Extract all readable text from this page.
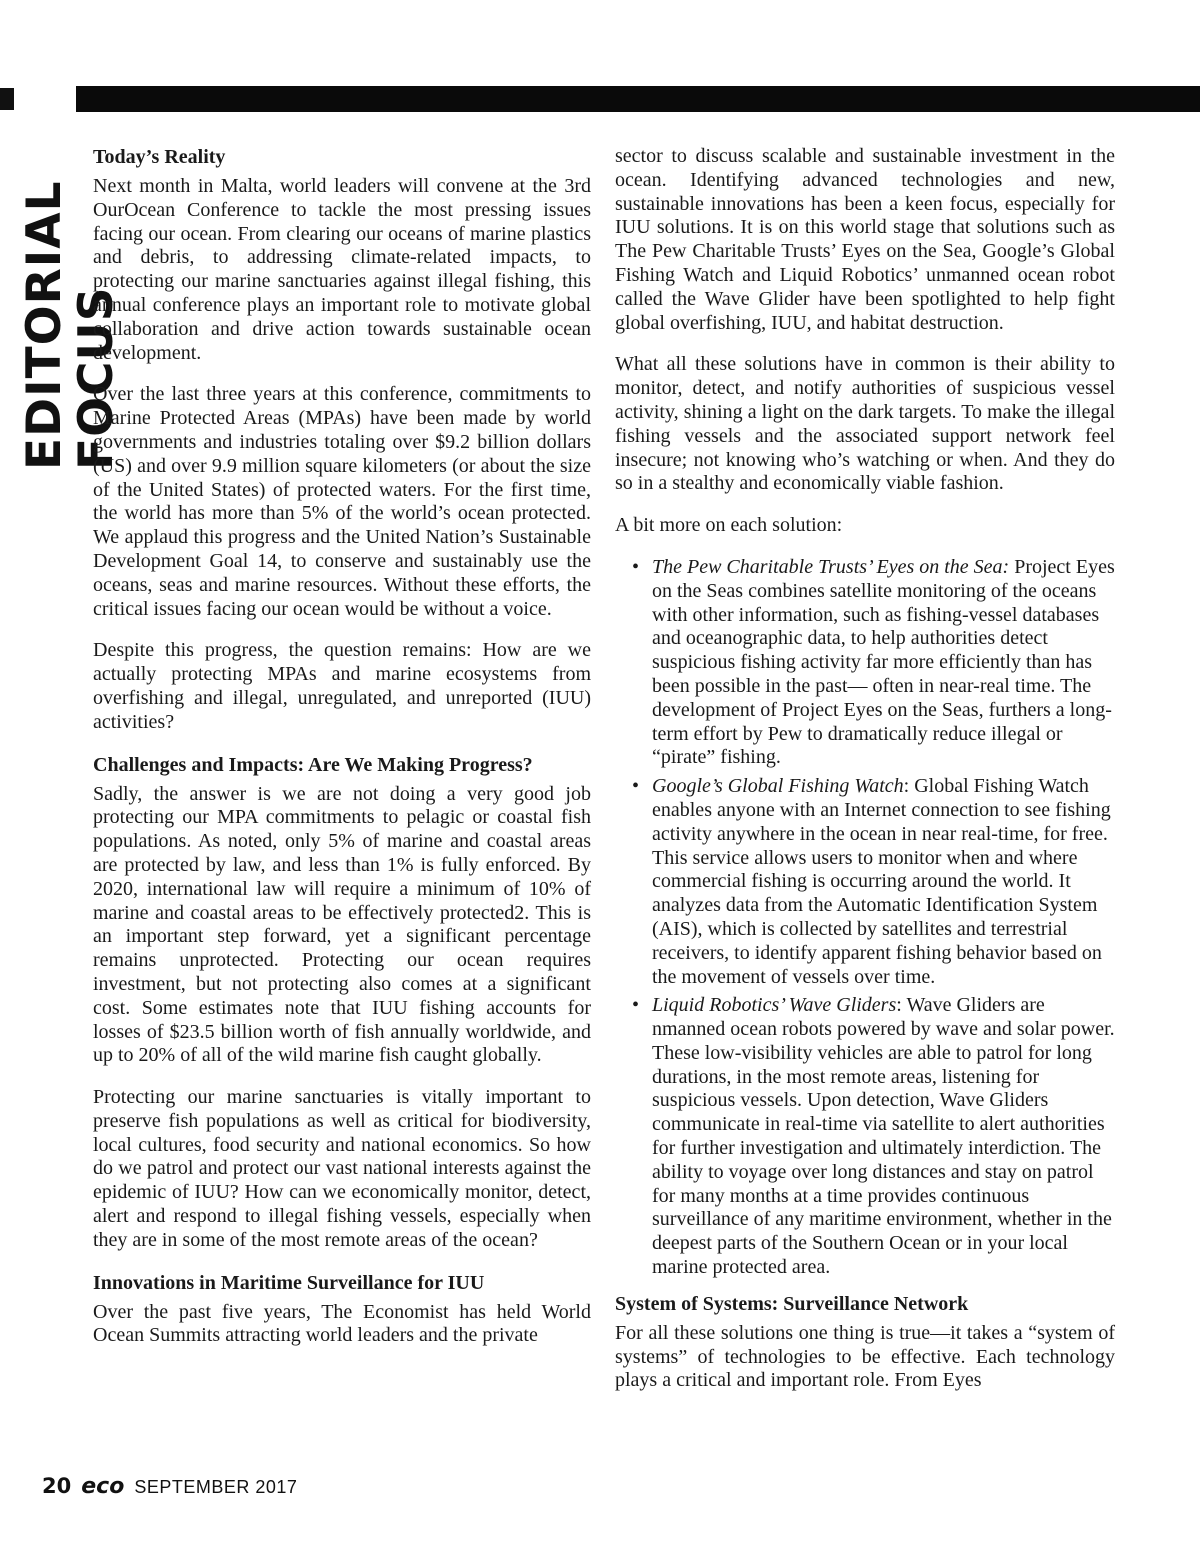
EDITORIAL FOCUS
Today’s Reality

Next month in Malta, world leaders will convene at the 3rd OurOcean Conference to tackle the most pressing issues facing our ocean. From clearing our oceans of marine plastics and debris, to addressing climate-related impacts, to protecting our marine sanctuaries against illegal fishing, this annual conference plays an important role to motivate global collaboration and drive action towards sustainable ocean development.

Over the last three years at this conference, commitments to Marine Protected Areas (MPAs) have been made by world governments and industries totaling over $9.2 billion dollars (US) and over 9.9 million square kilometers (or about the size of the United States) of protected waters. For the first time, the world has more than 5% of the world’s ocean protected. We applaud this progress and the United Nation’s Sustainable Development Goal 14, to conserve and sustainably use the oceans, seas and marine resources. Without these efforts, the critical issues facing our ocean would be without a voice.

Despite this progress, the question remains: How are we actually protecting MPAs and marine ecosystems from overfishing and illegal, unregulated, and unreported (IUU) activities?

Challenges and Impacts: Are We Making Progress?

Sadly, the answer is we are not doing a very good job protecting our MPA commitments to pelagic or coastal fish populations. As noted, only 5% of marine and coastal areas are protected by law, and less than 1% is fully enforced. By 2020, international law will require a minimum of 10% of marine and coastal areas to be effectively protected2. This is an important step forward, yet a significant percentage remains unprotected. Protecting our ocean requires investment, but not protecting also comes at a significant cost. Some estimates note that IUU fishing accounts for losses of $23.5 billion worth of fish annually worldwide, and up to 20% of all of the wild marine fish caught globally.

Protecting our marine sanctuaries is vitally important to preserve fish populations as well as critical for biodiversity, local cultures, food security and national economics. So how do we patrol and protect our vast national interests against the epidemic of IUU? How can we economically monitor, detect, alert and respond to illegal fishing vessels, especially when they are in some of the most remote areas of the ocean?

Innovations in Maritime Surveillance for IUU

Over the past five years, The Economist has held World Ocean Summits attracting world leaders and the private

sector to discuss scalable and sustainable investment in the ocean. Identifying advanced technologies and new, sustainable innovations has been a keen focus, especially for IUU solutions. It is on this world stage that solutions such as The Pew Charitable Trusts’ Eyes on the Sea, Google’s Global Fishing Watch and Liquid Robotics’ unmanned ocean robot called the Wave Glider have been spotlighted to help fight global overfishing, IUU, and habitat destruction.

What all these solutions have in common is their ability to monitor, detect, and notify authorities of suspicious vessel activity, shining a light on the dark targets. To make the illegal fishing vessels and the associated support network feel insecure; not knowing who’s watching or when. And they do so in a stealthy and economically viable fashion.

A bit more on each solution:

• The Pew Charitable Trusts’ Eyes on the Sea: Project Eyes on the Seas combines satellite monitoring of the oceans with other information, such as fishing-vessel databases and oceanographic data, to help authorities detect suspicious fishing activity far more efficiently than has been possible in the past— often in near-real time. The development of Project Eyes on the Seas, furthers a long-term effort by Pew to dramatically reduce illegal or “pirate” fishing.
• Google’s Global Fishing Watch: Global Fishing Watch enables anyone with an Internet connection to see fishing activity anywhere in the ocean in near real-time, for free. This service allows users to monitor when and where commercial fishing is occurring around the world. It analyzes data from the Automatic Identification System (AIS), which is collected by satellites and terrestrial receivers, to identify apparent fishing behavior based on the movement of vessels over time.
• Liquid Robotics’ Wave Gliders: Wave Gliders are nmanned ocean robots powered by wave and solar power. These low-visibility vehicles are able to patrol for long durations, in the most remote areas, listening for suspicious vessels. Upon detection, Wave Gliders communicate in real-time via satellite to alert authorities for further investigation and ultimately interdiction. The ability to voyage over long distances and stay on patrol for many months at a time provides continuous surveillance of any maritime environment, whether in the deepest parts of the Southern Ocean or in your local marine protected area.
System of Systems: Surveillance Network

For all these solutions one thing is true—it takes a “system of systems” of technologies to be effective. Each technology plays a critical and important role. From Eyes

20 eco SEPTEMBER 2017
